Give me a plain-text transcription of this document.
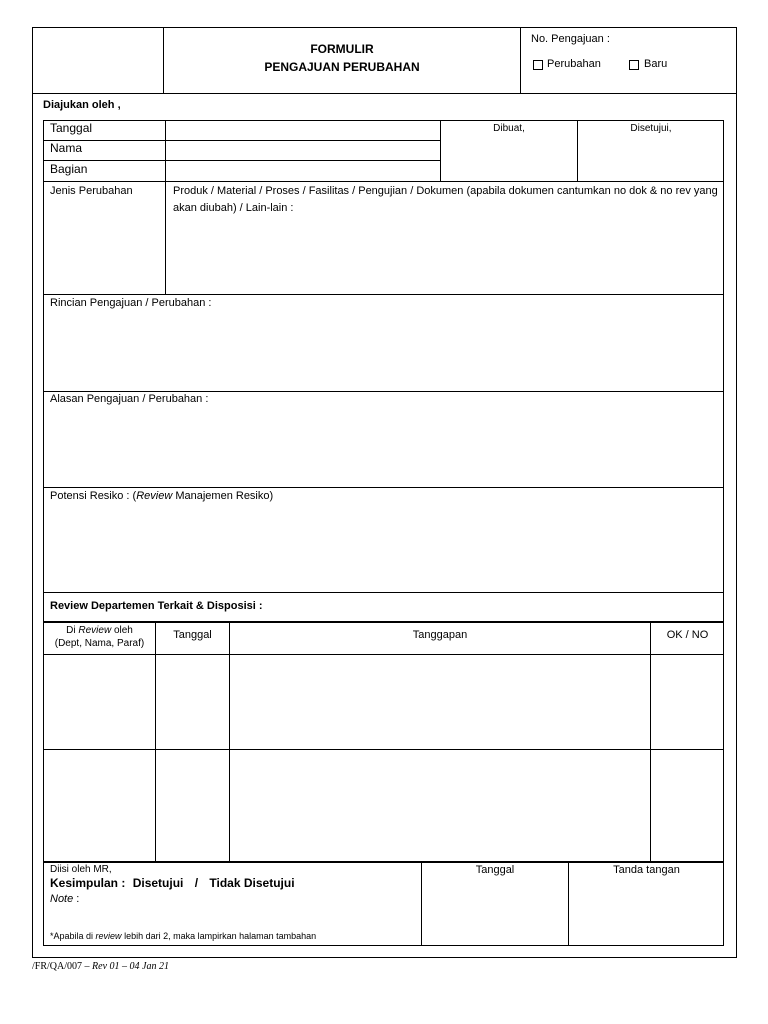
FORMULIR
PENGAJUAN PERUBAHAN
No. Pengajuan :
Perubahan	Baru
Diajukan oleh ,
Tanggal
Nama
Bagian
Dibuat,	Disetujui,
Jenis Perubahan	Produk / Material / Proses / Fasilitas / Pengujian / Dokumen (apabila dokumen cantumkan no dok & no rev yang akan diubah) / Lain-lain :
Rincian Pengajuan / Perubahan :
Alasan Pengajuan / Perubahan :
Potensi Resiko : (Review Manajemen Resiko)
Review Departemen Terkait & Disposisi :
Di Review oleh
(Dept, Nama, Paraf)
Tanggal	Tanggapan	OK / NO
Diisi oleh MR,
Kesimpulan : Disetujui / Tidak Disetujui
Note :
*Apabila di review lebih dari 2, maka lampirkan halaman tambahan
Tanggal	Tanda tangan
/FR/QA/007 – Rev 01 – 04 Jan 21
